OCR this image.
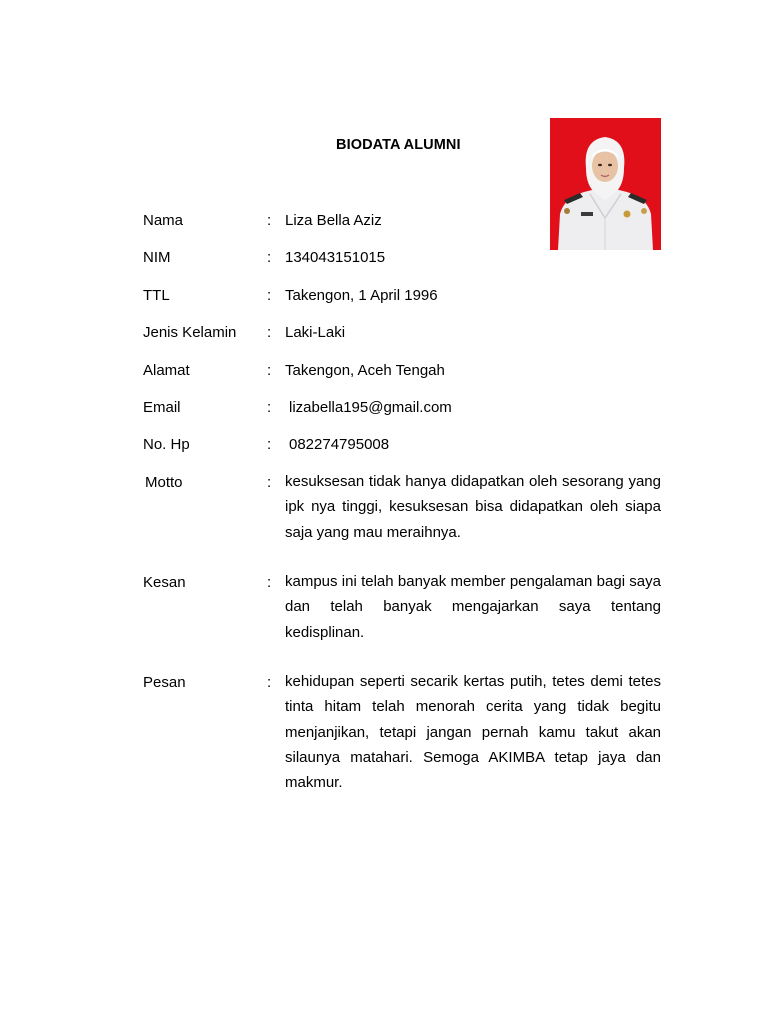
BIODATA ALUMNI
Nama	: Liza Bella Aziz
NIM	: 134043151015
TTL	: Takengon, 1 April 1996
Jenis Kelamin : Laki-Laki
Alamat	: Takengon, Aceh Tengah
Email	: lizabella195@gmail.com
No. Hp	: 082274795008
Motto	: kesuksesan tidak hanya didapatkan oleh sesorang yang ipk nya tinggi, kesuksesan bisa didapatkan oleh siapa saja yang mau meraihnya.
Kesan	: kampus ini telah banyak member pengalaman bagi saya dan telah banyak mengajarkan saya tentang kedisplinan.
Pesan	: kehidupan seperti secarik kertas putih, tetes demi tetes tinta hitam telah menorah cerita yang tidak begitu menjanjikan, tetapi jangan pernah kamu takut akan silaunya matahari. Semoga AKIMBA tetap jaya dan makmur.
